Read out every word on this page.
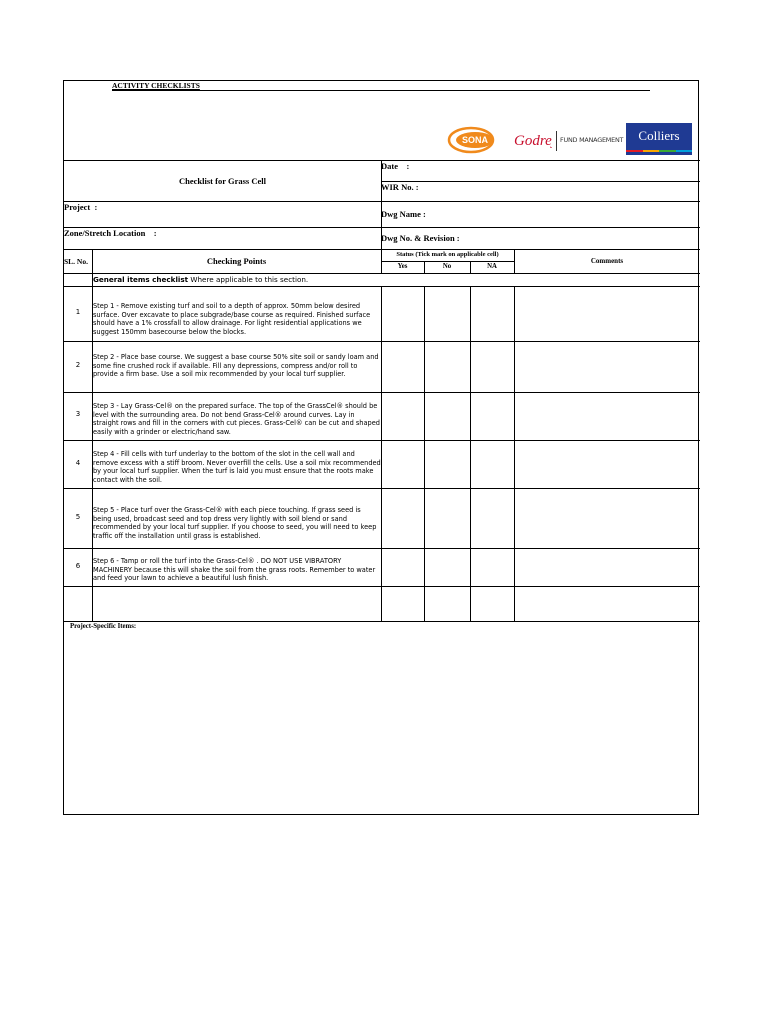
ACTIVITY CHECKLISTS
SONA Godrej FUND MANAGEMENT	Colliers
Checklist for Grass Cell
Date    :
WIR No. :
Project  :
Dwg Name :
Zone/Stretch Location    :	Dwg No. & Revision :
SL. No.	Checking Points
Status (Tick mark on applicable cell)
Yes	No	NA
Comments
General items checklist Where applicable to this section.
1
Step 1 - Remove existing turf and soil to a depth of approx. 50mm below desired surface. Over excavate to place subgrade/base course as required. Finished surface should have a 1% crossfall to allow drainage. For light residential applications we suggest 150mm basecourse below the blocks.
2
Step 2 - Place base course. We suggest a base course 50% site soil or sandy loam and some fine crushed rock if available. Fill any depressions, compress and/or roll to provide a firm base. Use a soil mix recommended by your local turf supplier.
3
Step 3 - Lay Grass-Cel® on the prepared surface. The top of the GrassCel® should be level with the surrounding area. Do not bend Grass-Cel® around curves. Lay in straight rows and fill in the corners with cut pieces. Grass-Cel® can be cut and shaped easily with a grinder or electric/hand saw.
4
Step 4 - Fill cells with turf underlay to the bottom of the slot in the cell wall and remove excess with a stiff broom. Never overfill the cells. Use a soil mix recommended by your local turf supplier. When the turf is laid you must ensure that the roots make contact with the soil.
5
Step 5 - Place turf over the Grass-Cel® with each piece touching. If grass seed is being used, broadcast seed and top dress very lightly with soil blend or sand recommended by your local turf supplier. If you choose to seed, you will need to keep traffic off the installation until grass is established.
6
Step 6 - Tamp or roll the turf into the Grass-Cel® . DO NOT USE VIBRATORY MACHINERY because this will shake the soil from the grass roots. Remember to water and feed your lawn to achieve a beautiful lush finish.
Project-Specific Items:
